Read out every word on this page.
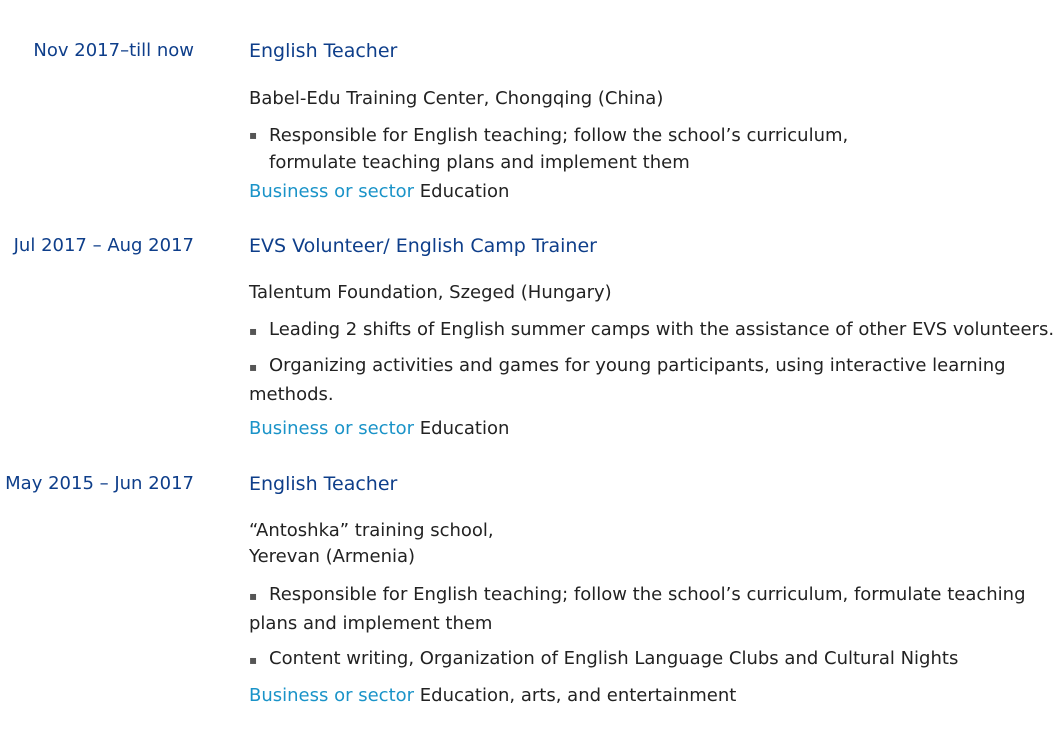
Nov 2017–till now	English Teacher
Babel-Edu Training Center, Chongqing (China)
▪ Responsible for English teaching; follow the school’s curriculum, formulate teaching plans and implement them
Business or sector Education
Jul 2017 – Aug 2017	EVS Volunteer/ English Camp Trainer
Talentum Foundation, Szeged (Hungary)
▪ Leading 2 shifts of English summer camps with the assistance of other EVS volunteers.
▪ Organizing activities and games for young participants, using interactive learning methods.
Business or sector Education
May 2015 – Jun 2017	English Teacher
“Antoshka” training school,
Yerevan (Armenia)
▪ Responsible for English teaching; follow the school’s curriculum, formulate teaching plans and implement them
▪ Content writing, Organization of English Language Clubs and Cultural Nights
Business or sector Education, arts, and entertainment
